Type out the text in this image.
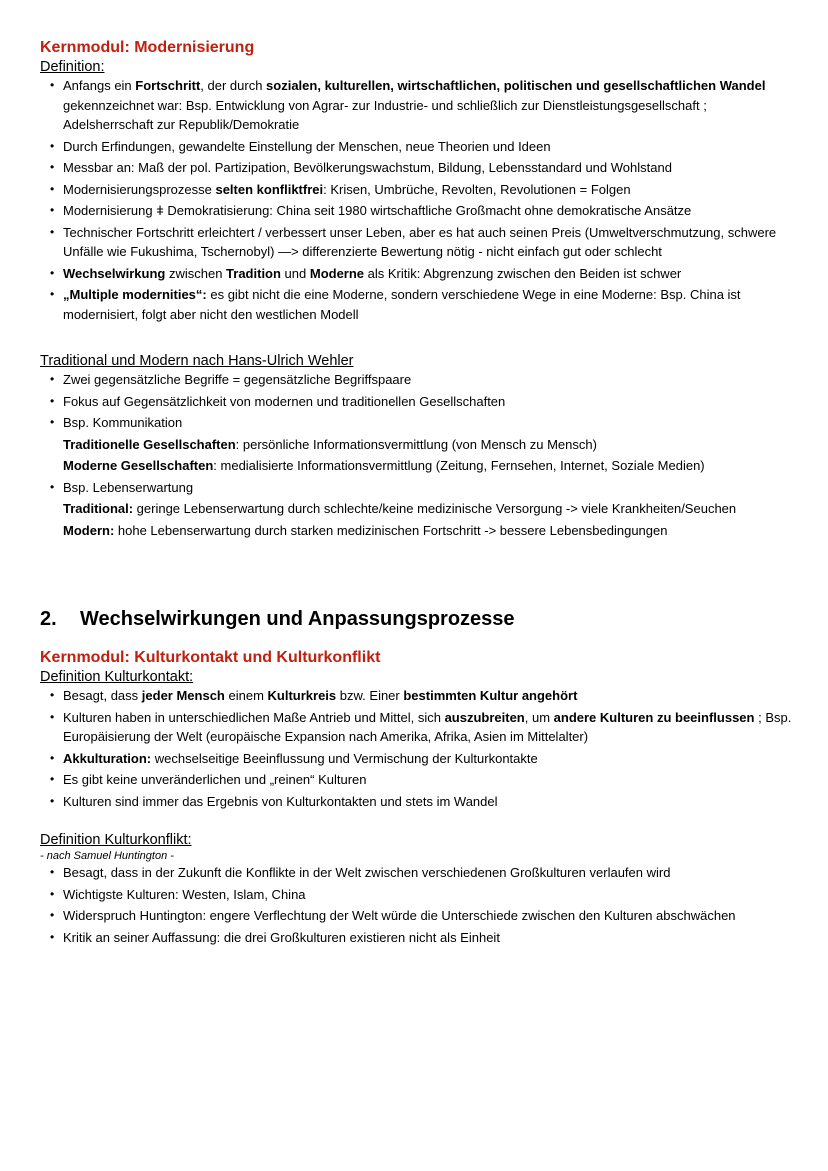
Kernmodul: Modernisierung

Definition:

• Anfangs ein Fortschritt, der durch sozialen, kulturellen, wirtschaftlichen, politischen und gesellschaftlichen Wandel gekennzeichnet war: Bsp. Entwicklung von Agrar- zur Industrie- und schließlich zur Dienstleistungsgesellschaft ; Adelsherrschaft zur Republik/Demokratie
• Durch Erfindungen, gewandelte Einstellung der Menschen, neue Theorien und Ideen
• Messbar an: Maß der pol. Partizipation, Bevölkerungswachstum, Bildung, Lebensstandard und Wohlstand
• Modernisierungsprozesse selten konfliktfrei: Krisen, Umbrüche, Revolten, Revolutionen = Folgen
• Modernisierung ǂ Demokratisierung: China seit 1980 wirtschaftliche Großmacht ohne demokratische Ansätze
• Technischer Fortschritt erleichtert / verbessert unser Leben, aber es hat auch seinen Preis (Umweltverschmutzung, schwere Unfälle wie Fukushima, Tschernobyl) —> differenzierte Bewertung nötig - nicht einfach gut oder schlecht
• Wechselwirkung zwischen Tradition und Moderne als Kritik: Abgrenzung zwischen den Beiden ist schwer
• „Multiple modernities“: es gibt nicht die eine Moderne, sondern verschiedene Wege in eine Moderne: Bsp. China ist modernisiert, folgt aber nicht den westlichen Modell

Traditional und Modern nach Hans-Ulrich Wehler

• Zwei gegensätzliche Begriffe = gegensätzliche Begriffspaare
• Fokus auf Gegensätzlichkeit von modernen und traditionellen Gesellschaften
• Bsp. Kommunikation

Traditionelle Gesellschaften: persönliche Informationsvermittlung (von Mensch zu Mensch)

Moderne Gesellschaften: medialisierte Informationsvermittlung (Zeitung, Fernsehen, Internet, Soziale Medien)

• Bsp. Lebenserwartung

Traditional: geringe Lebenserwartung durch schlechte/keine medizinische Versorgung -> viele Krankheiten/Seuchen

Modern: hohe Lebenserwartung durch starken medizinischen Fortschritt -> bessere Lebensbedingungen

2. Wechselwirkungen und Anpassungsprozesse
Kernmodul: Kulturkontakt und Kulturkonflikt

Definition Kulturkontakt:

• Besagt, dass jeder Mensch einem Kulturkreis bzw. Einer bestimmten Kultur angehört
• Kulturen haben in unterschiedlichen Maße Antrieb und Mittel, sich auszubreiten, um andere Kulturen zu beeinflussen ; Bsp. Europäisierung der Welt (europäische Expansion nach Amerika, Afrika, Asien im Mittelalter)
• Akkulturation: wechselseitige Beeinflussung und Vermischung der Kulturkontakte
• Es gibt keine unveränderlichen und „reinen“ Kulturen
• Kulturen sind immer das Ergebnis von Kulturkontakten und stets im Wandel

Definition Kulturkonflikt:

- nach Samuel Huntington -

• Besagt, dass in der Zukunft die Konflikte in der Welt zwischen verschiedenen Großkulturen verlaufen wird
• Wichtigste Kulturen: Westen, Islam, China
• Widerspruch Huntington: engere Verflechtung der Welt würde die Unterschiede zwischen den Kulturen abschwächen
• Kritik an seiner Auffassung: die drei Großkulturen existieren nicht als Einheit
